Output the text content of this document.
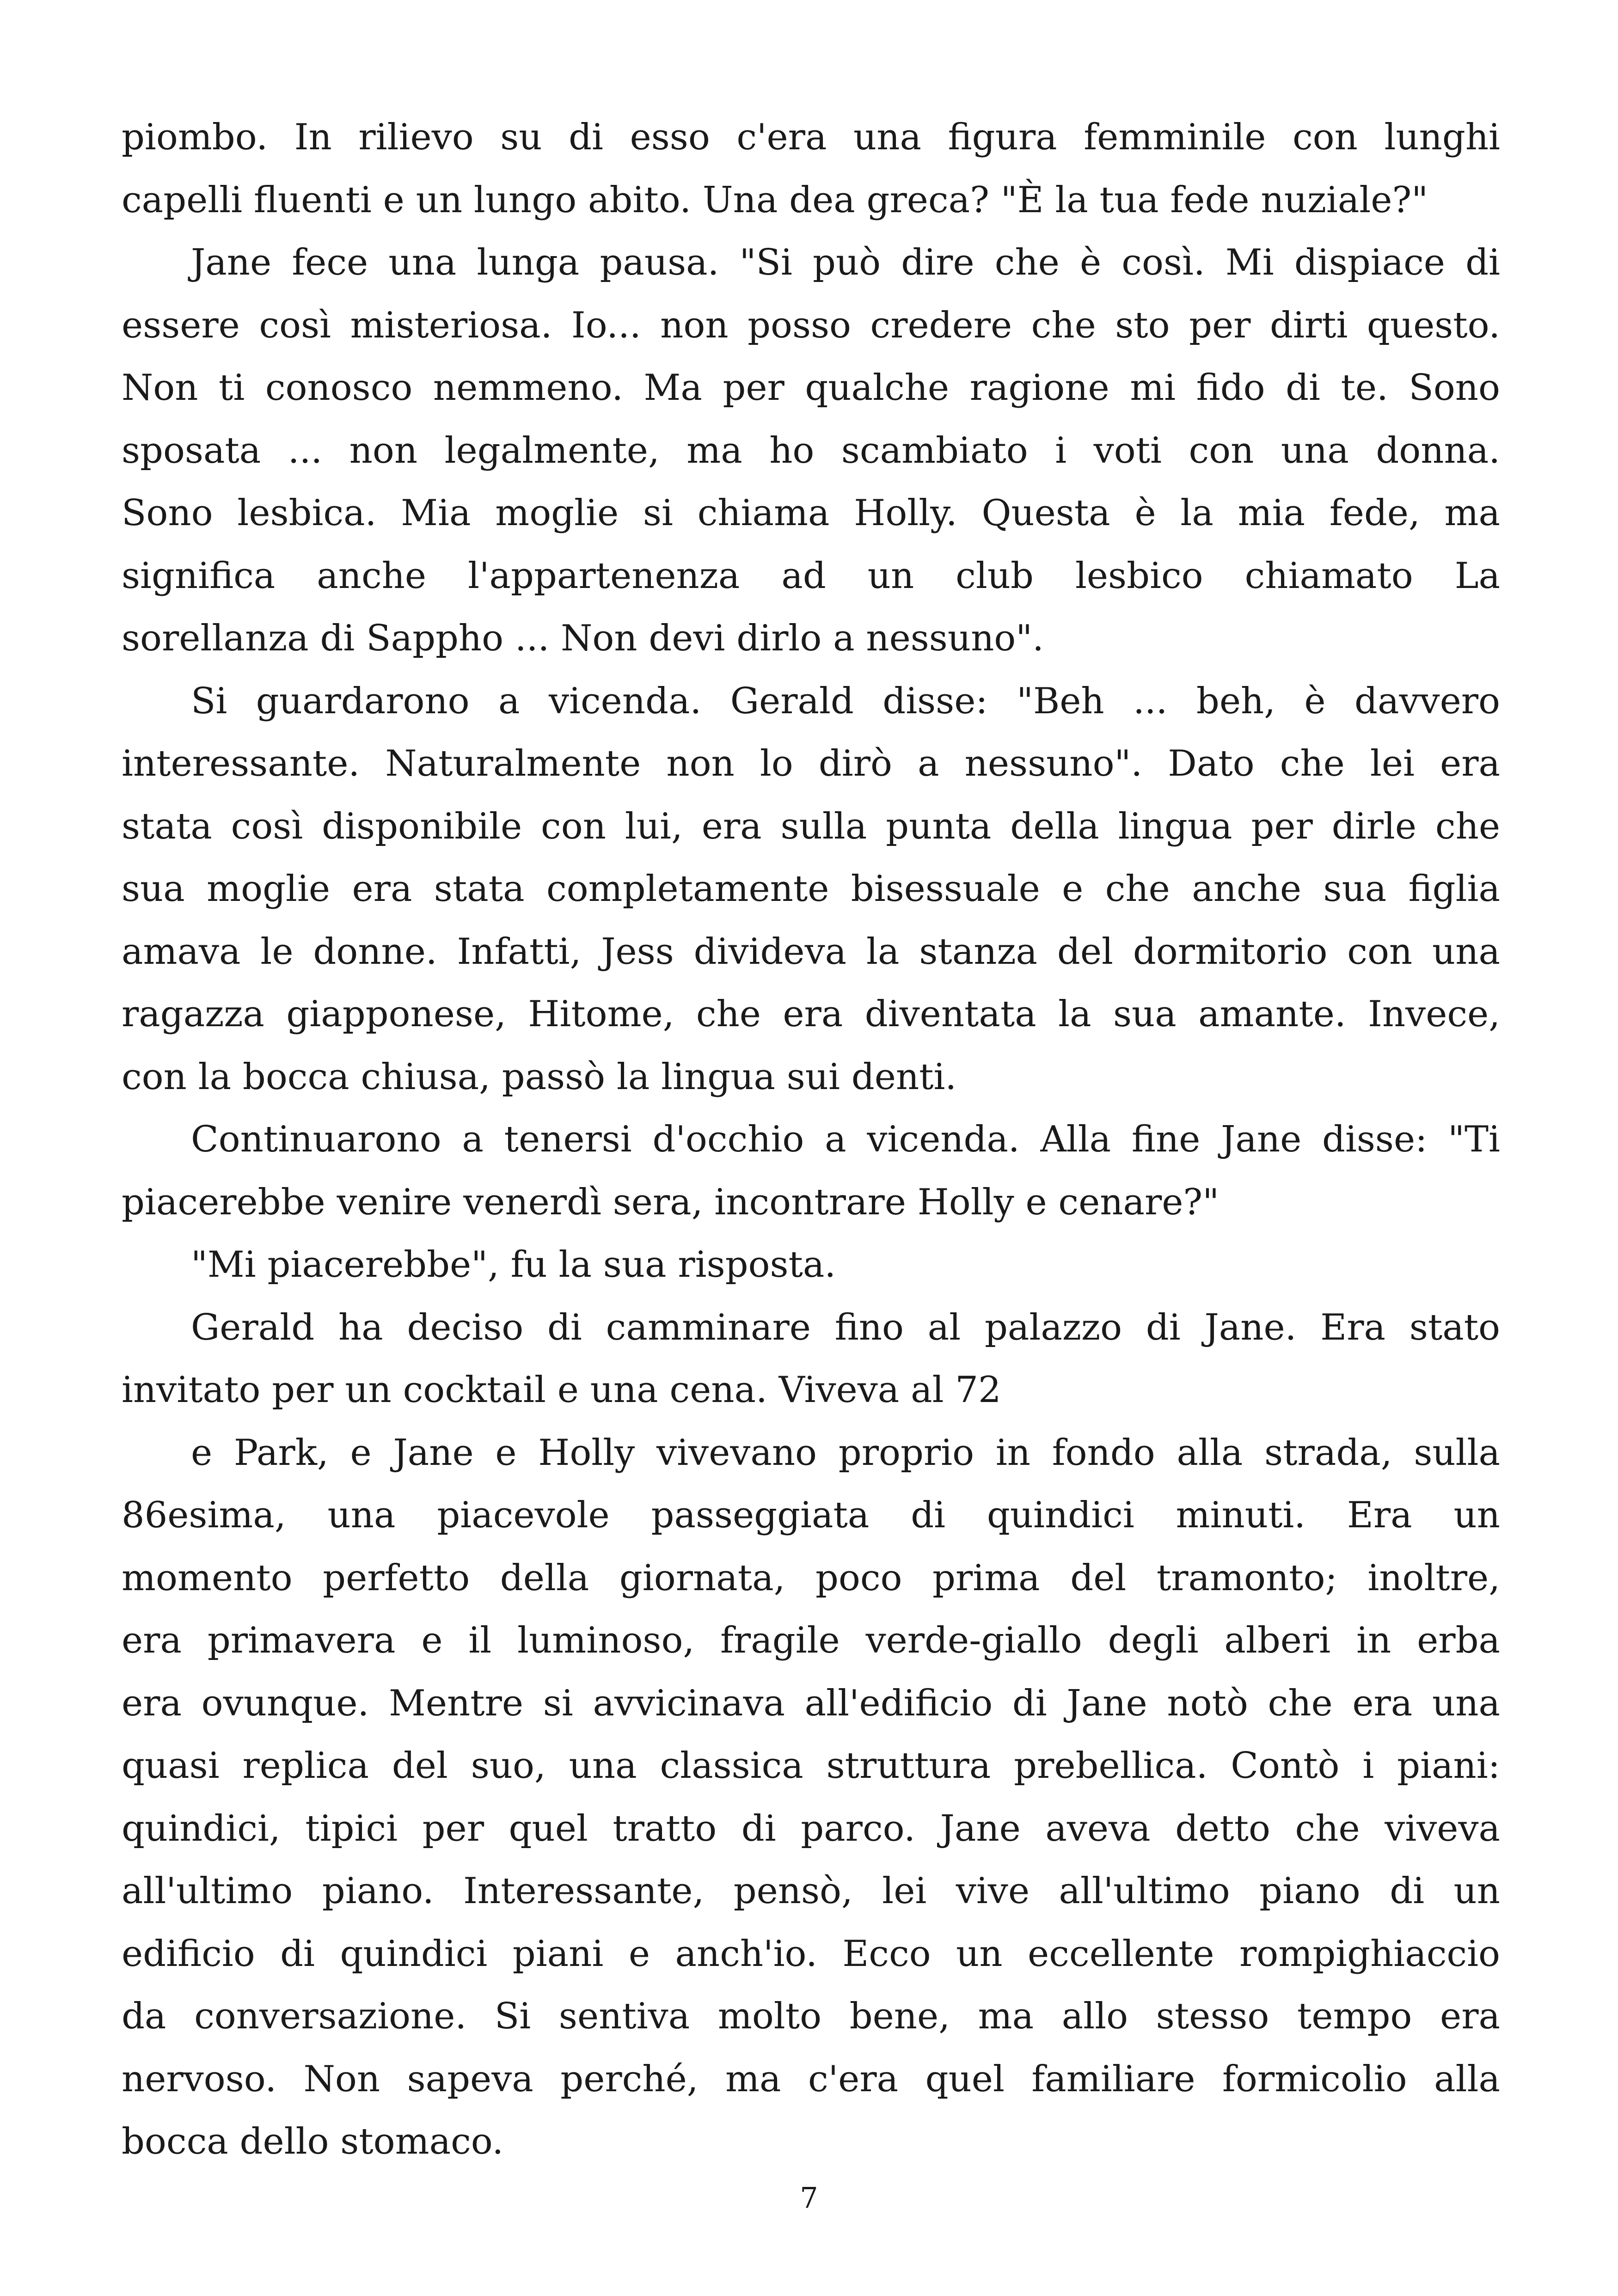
piombo. In rilievo su di esso c'era una figura femminile con lunghi
capelli fluenti e un lungo abito. Una dea greca? "È la tua fede nuziale?"
Jane fece una lunga pausa. "Si può dire che è così. Mi dispiace di
essere così misteriosa. Io... non posso credere che sto per dirti questo.
Non ti conosco nemmeno. Ma per qualche ragione mi fido di te. Sono
sposata ... non legalmente, ma ho scambiato i voti con una donna.
Sono lesbica. Mia moglie si chiama Holly. Questa è la mia fede, ma
significa anche l'appartenenza ad un club lesbico chiamato La
sorellanza di Sappho ... Non devi dirlo a nessuno".
Si guardarono a vicenda. Gerald disse: "Beh ... beh, è davvero
interessante. Naturalmente non lo dirò a nessuno". Dato che lei era
stata così disponibile con lui, era sulla punta della lingua per dirle che
sua moglie era stata completamente bisessuale e che anche sua figlia
amava le donne. Infatti, Jess divideva la stanza del dormitorio con una
ragazza giapponese, Hitome, che era diventata la sua amante. Invece,
con la bocca chiusa, passò la lingua sui denti.
Continuarono a tenersi d'occhio a vicenda. Alla fine Jane disse: "Ti
piacerebbe venire venerdì sera, incontrare Holly e cenare?"
"Mi piacerebbe", fu la sua risposta.
Gerald ha deciso di camminare fino al palazzo di Jane. Era stato
invitato per un cocktail e una cena. Viveva al 72
e Park, e Jane e Holly vivevano proprio in fondo alla strada, sulla
86esima, una piacevole passeggiata di quindici minuti. Era un
momento perfetto della giornata, poco prima del tramonto; inoltre,
era primavera e il luminoso, fragile verde-giallo degli alberi in erba
era ovunque. Mentre si avvicinava all'edificio di Jane notò che era una
quasi replica del suo, una classica struttura prebellica. Contò i piani:
quindici, tipici per quel tratto di parco. Jane aveva detto che viveva
all'ultimo piano. Interessante, pensò, lei vive all'ultimo piano di un
edificio di quindici piani e anch'io. Ecco un eccellente rompighiaccio
da conversazione. Si sentiva molto bene, ma allo stesso tempo era
nervoso. Non sapeva perché, ma c'era quel familiare formicolio alla
bocca dello stomaco.
7
